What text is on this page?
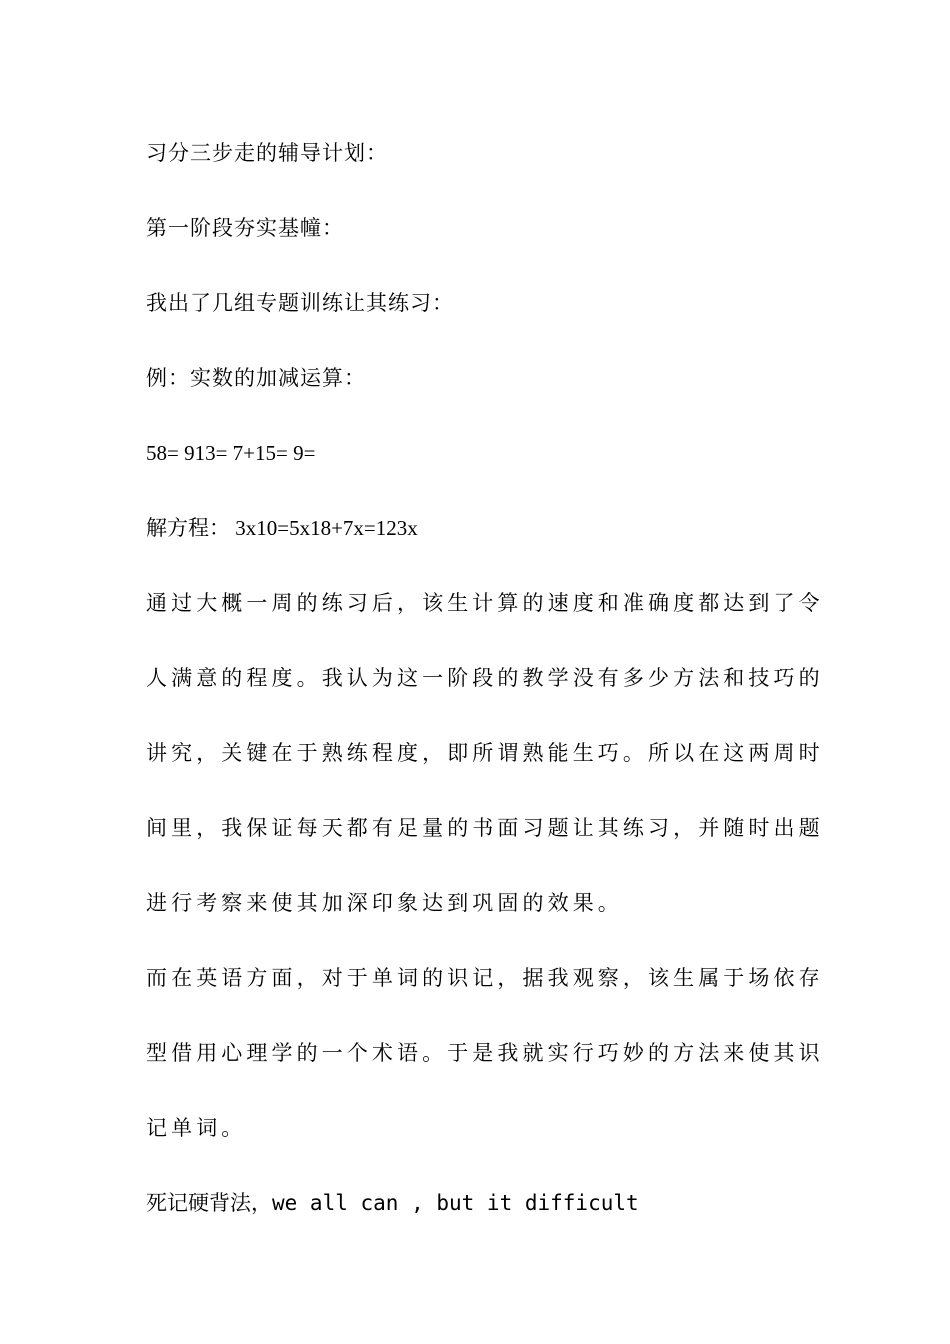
习分三步走的辅导计划：
第一阶段夯实基幢：
我出了几组专题训练让其练习：
例：实数的加减运算：
58= 913= 7+15= 9=
解方程： 3x10=5x18+7x=123x
通过大概一周的练习后，该生计算的速度和准确度都达到了令
人满意的程度。我认为这一阶段的教学没有多少方法和技巧的
讲究，关键在于熟练程度，即所谓熟能生巧。所以在这两周时
间里，我保证每天都有足量的书面习题让其练习，并随时出题
进行考察来使其加深印象达到巩固的效果。
而在英语方面，对于单词的识记，据我观察，该生属于场依存
型借用心理学的一个术语。于是我就实行巧妙的方法来使其识
记单词。
死记硬背法，we all can , but it difficult
